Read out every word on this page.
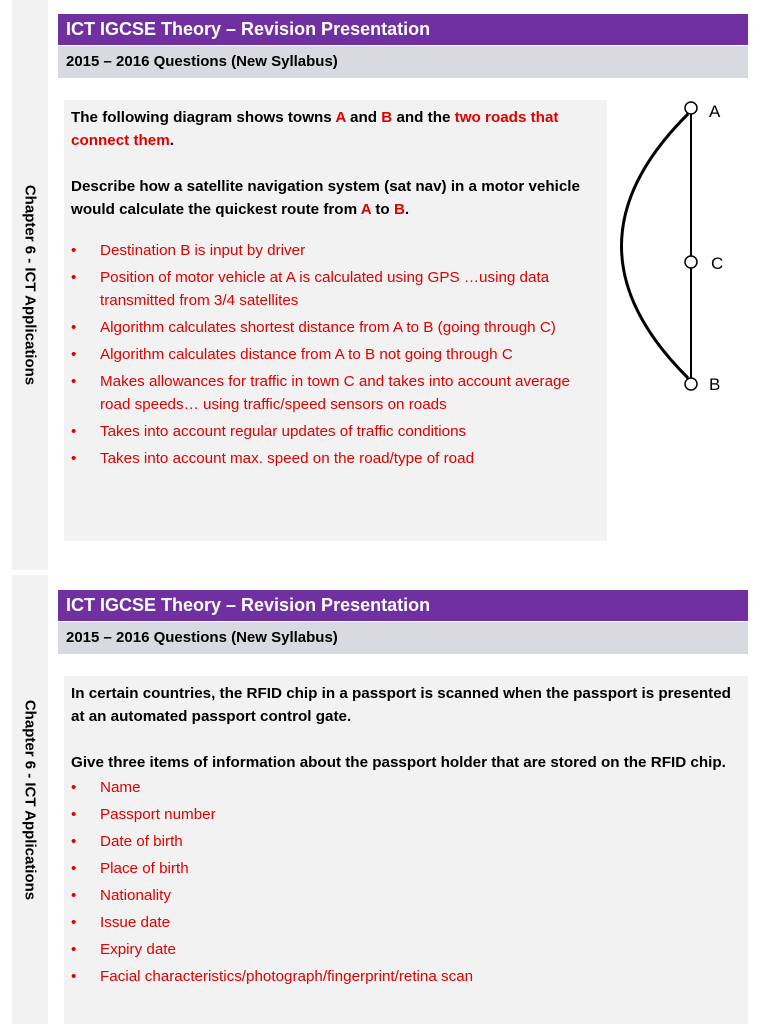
Chapter 6 - ICT Applications
ICT IGCSE Theory – Revision Presentation
2015 – 2016 Questions (New Syllabus)

The following diagram shows towns A and B and the two roads that connect them.

Describe how a satellite navigation system (sat nav) in a motor vehicle would calculate the quickest route from A to B.

• Destination B is input by driver
• Position of motor vehicle at A is calculated using GPS …using data transmitted from 3/4 satellites
• Algorithm calculates shortest distance from A to B (going through C)
• Algorithm calculates distance from A to B not going through C
• Makes allowances for traffic in town C and takes into account average road speeds… using traffic/speed sensors on roads
• Takes into account regular updates of traffic conditions
• Takes into account max. speed on the road/type of road
A
C
B
Chapter 6 - ICT Applications
ICT IGCSE Theory – Revision Presentation
2015 – 2016 Questions (New Syllabus)

In certain countries, the RFID chip in a passport is scanned when the passport is presented at an automated passport control gate.

Give three items of information about the passport holder that are stored on the RFID chip.

• Name
• Passport number
• Date of birth
• Place of birth
• Nationality
• Issue date
• Expiry date
• Facial characteristics/photograph/fingerprint/retina scan
